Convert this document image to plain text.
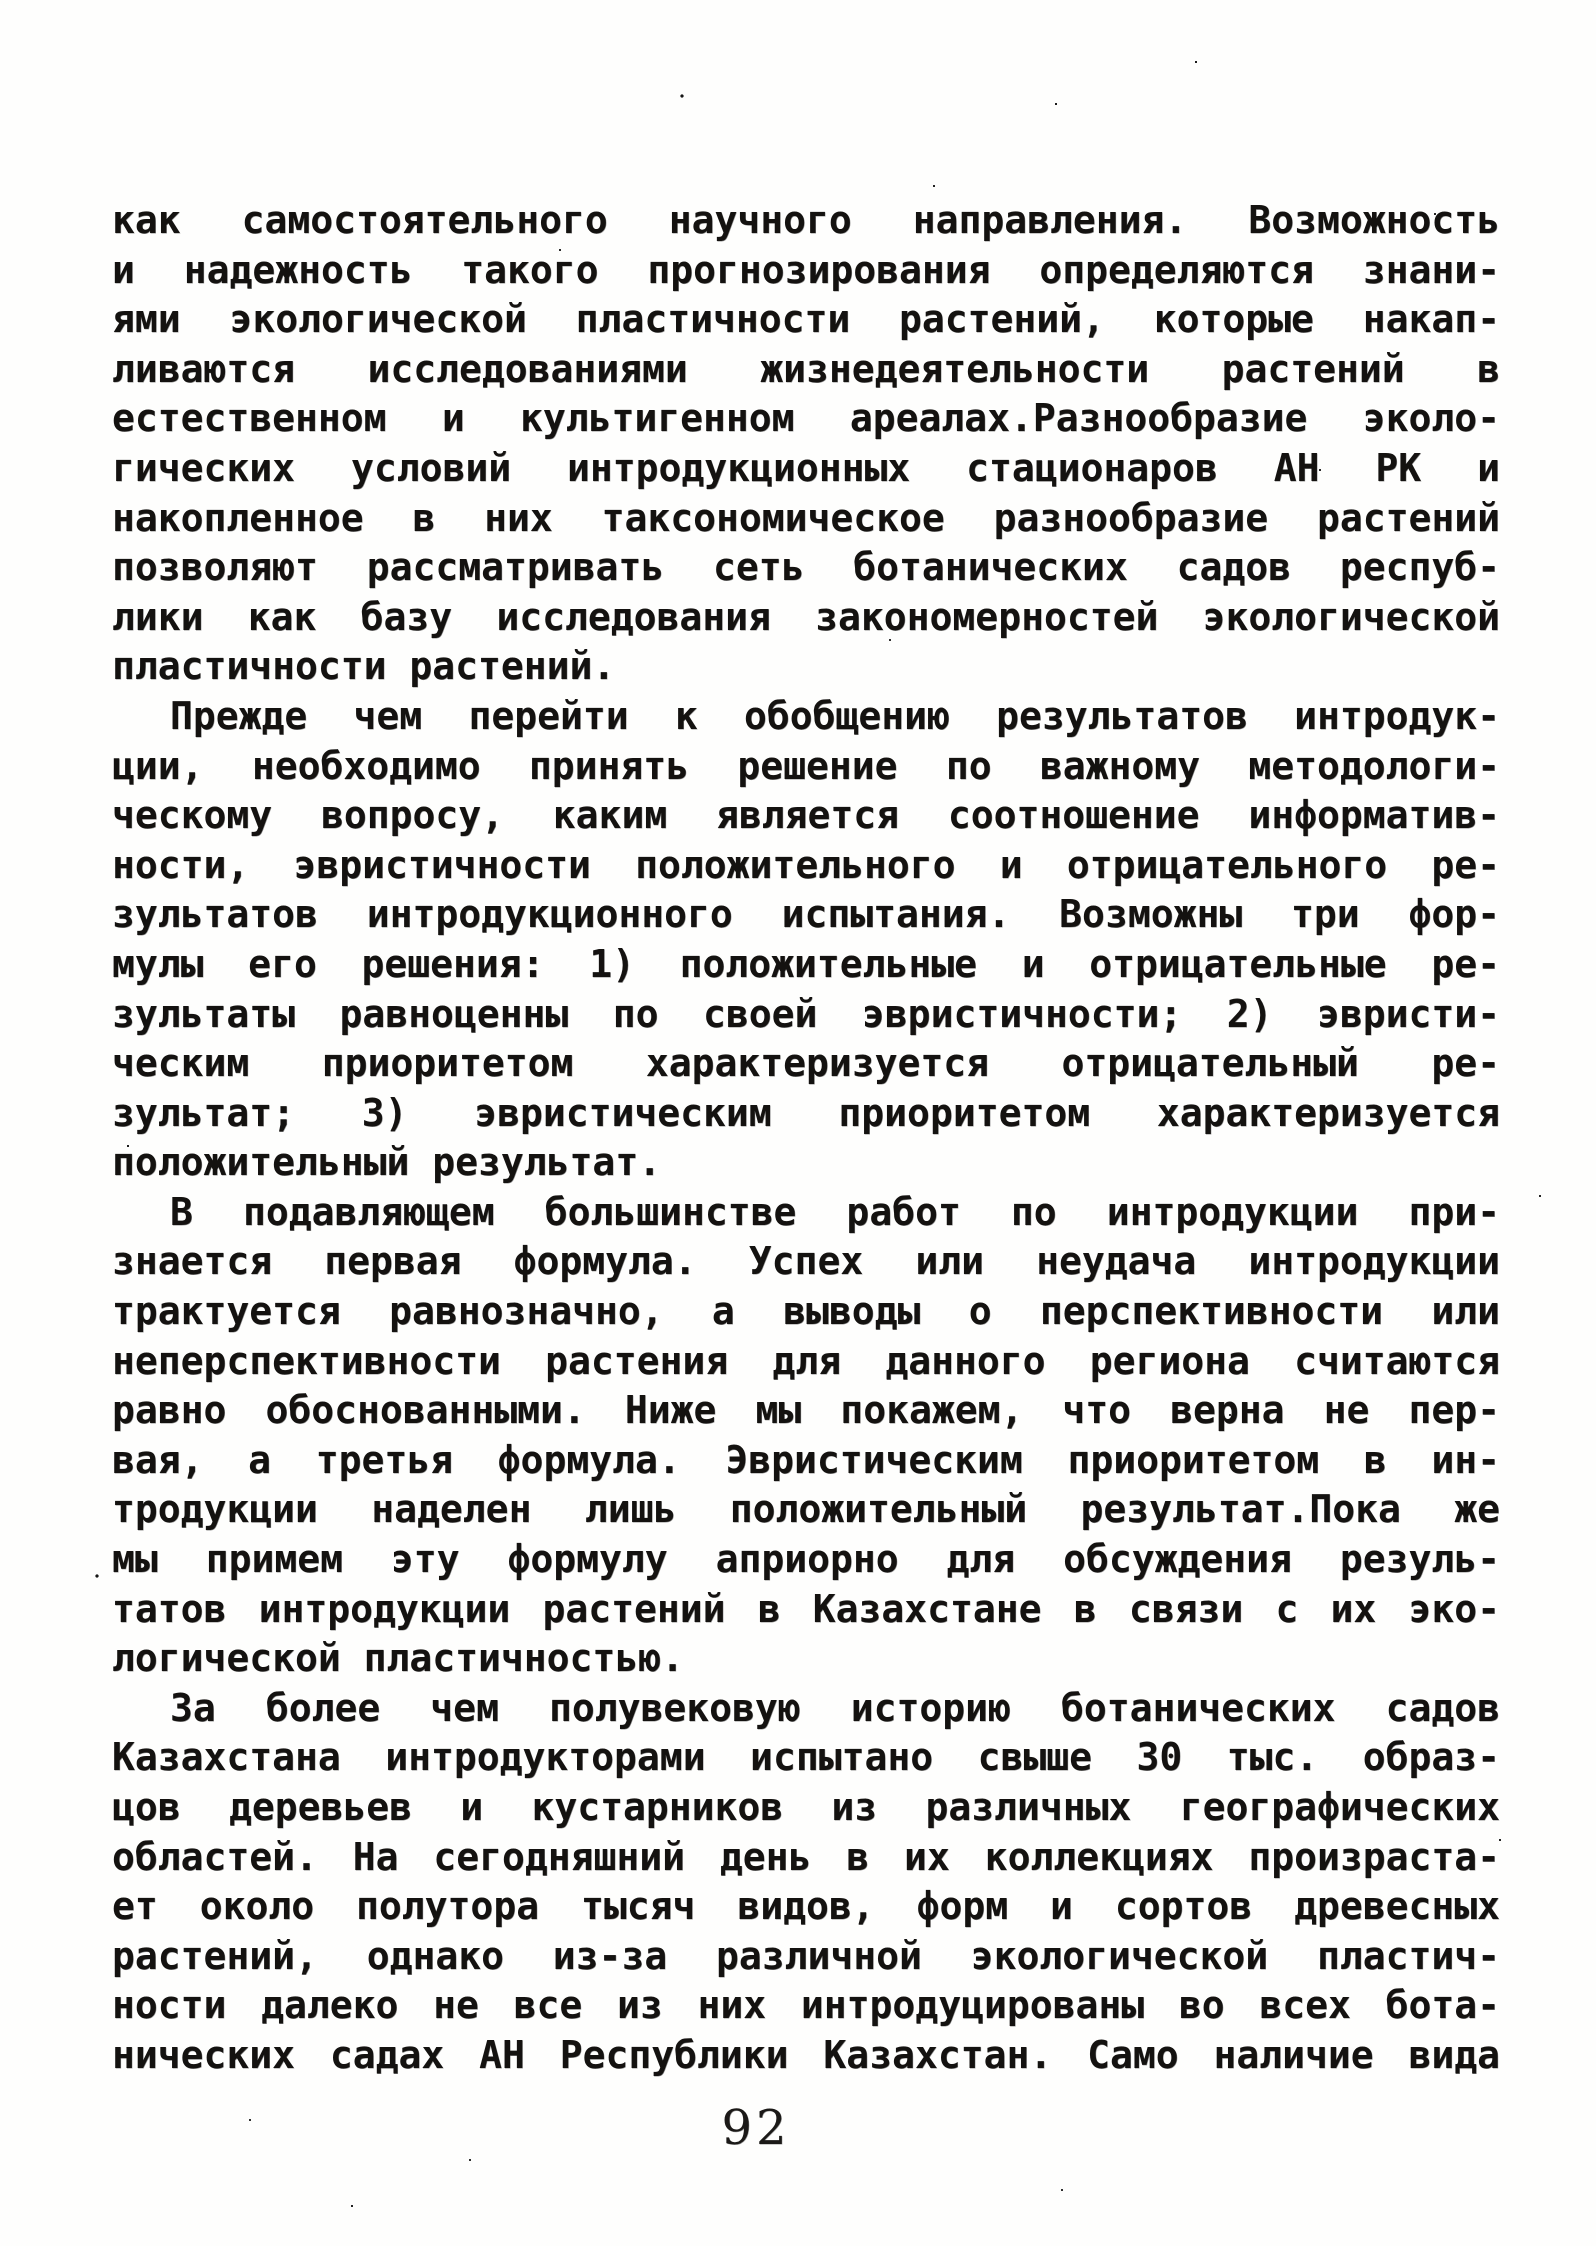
как самостоятельного научного направления. Возможность
и надежность такого прогнозирования определяются знани-
ями экологической пластичности растений, которые накап-
ливаются исследованиями жизнедеятельности растений в
естественном и культигенном ареалах.Разнообразие эколо-
гических условий интродукционных стационаров АН РК и
накопленное в них таксономическое разнообразие растений
позволяют рассматривать сеть ботанических садов респуб-
лики как базу исследования закономерностей экологической
пластичности растений.

Прежде чем перейти к обобщению результатов интродук-
ции, необходимо принять решение по важному методологи-
ческому вопросу, каким является соотношение информатив-
ности, эвристичности положительного и отрицательного ре-
зультатов интродукционного испытания. Возможны три фор-
мулы его решения: 1) положительные и отрицательные ре-
зультаты равноценны по своей эвристичности; 2) эвристи-
ческим приоритетом характеризуется отрицательный ре-
зультат; 3) эвристическим приоритетом характеризуется
положительный результат.

В подавляющем большинстве работ по интродукции при-
знается первая формула. Успех или неудача интродукции
трактуется равнозначно, а выводы о перспективности или
неперспективности растения для данного региона считаются
равно обоснованными. Ниже мы покажем, что верна не пер-
вая, а третья формула. Эвристическим приоритетом в ин-
тродукции наделен лишь положительный результат.Пока же
мы примем эту формулу априорно для обсуждения резуль-
татов интродукции растений в Казахстане в связи с их эко-
логической пластичностью.

За более чем полувековую историю ботанических садов
Казахстана интродукторами испытано свыше 30 тыс. образ-
цов деревьев и кустарников из различных географических
областей. На сегодняшний день в их коллекциях произраста-
ет около полутора тысяч видов, форм и сортов древесных
растений, однако из-за различной экологической пластич-
ности далеко не все из них интродуцированы во всех бота-
нических садах АН Республики Казахстан. Само наличие вида

92
